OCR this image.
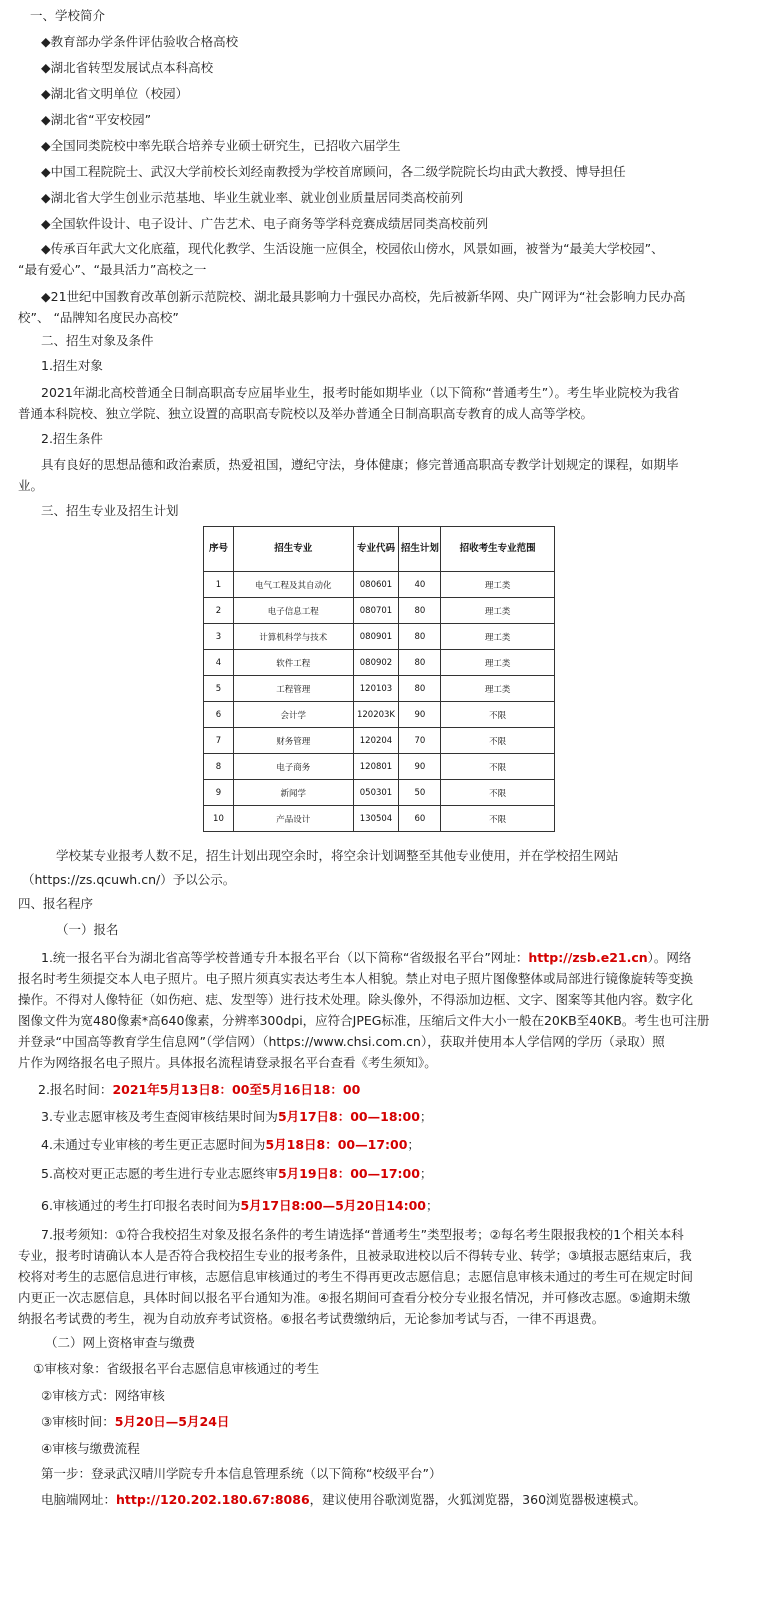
一、学校简介
◆教育部办学条件评估验收合格高校
◆湖北省转型发展试点本科高校
◆湖北省文明单位（校园）
◆湖北省“平安校园”
◆全国同类院校中率先联合培养专业硕士研究生，已招收六届学生
◆中国工程院院士、武汉大学前校长刘经南教授为学校首席顾问，各二级学院院长均由武大教授、博导担任
◆湖北省大学生创业示范基地、毕业生就业率、就业创业质量居同类高校前列
◆全国软件设计、电子设计、广告艺术、电子商务等学科竞赛成绩居同类高校前列
◆传承百年武大文化底蕴，现代化教学、生活设施一应俱全，校园依山傍水，风景如画，被誉为“最美大学校园”、
“最有爱心”、“最具活力”高校之一
◆21世纪中国教育改革创新示范院校、湖北最具影响力十强民办高校，先后被新华网、央广网评为“社会影响力民办高
校”、 “品牌知名度民办高校”
二、招生对象及条件
1.招生对象
2021年湖北高校普通全日制高职高专应届毕业生，报考时能如期毕业（以下简称“普通考生”）。考生毕业院校为我省
普通本科院校、独立学院、独立设置的高职高专院校以及举办普通全日制高职高专教育的成人高等学校。
2.招生条件
具有良好的思想品德和政治素质，热爱祖国，遵纪守法，身体健康；修完普通高职高专教学计划规定的课程，如期毕
业。
三、招生专业及招生计划
序号	招生专业	专业代码	招生计划	招收考生专业范围
1	电气工程及其自动化	080601	40	理工类
2	电子信息工程	080701	80	理工类
3	计算机科学与技术	080901	80	理工类
4	软件工程	080902	80	理工类
5	工程管理	120103	80	理工类
6	会计学	120203K	90	不限
7	财务管理	120204	70	不限
8	电子商务	120801	90	不限
9	新闻学	050301	50	不限
10	产品设计	130504	60	不限
学校某专业报考人数不足，招生计划出现空余时，将空余计划调整至其他专业使用，并在学校招生网站
（https://zs.qcuwh.cn/）予以公示。
四、报名程序
（一）报名
1.统一报名平台为湖北省高等学校普通专升本报名平台（以下简称“省级报名平台”网址：http://zsb.e21.cn）。网络
报名时考生须提交本人电子照片。电子照片须真实表达考生本人相貌。禁止对电子照片图像整体或局部进行镜像旋转等变换
操作。不得对人像特征（如伤疤、痣、发型等）进行技术处理。除头像外，不得添加边框、文字、图案等其他内容。数字化
图像文件为宽480像素*高640像素，分辨率300dpi，应符合JPEG标准，压缩后文件大小一般在20KB至40KB。考生也可注册
并登录“中国高等教育学生信息网”（学信网）（https://www.chsi.com.cn），获取并使用本人学信网的学历（录取）照
片作为网络报名电子照片。具体报名流程请登录报名平台查看《考生须知》。
2.报名时间：2021年5月13日8：00至5月16日18：00
3.专业志愿审核及考生查阅审核结果时间为5月17日8：00—18:00；
4.未通过专业审核的考生更正志愿时间为5月18日8：00—17:00；
5.高校对更正志愿的考生进行专业志愿终审5月19日8：00—17:00；
6.审核通过的考生打印报名表时间为5月17日8:00—5月20日14:00；
7.报考须知：①符合我校招生对象及报名条件的考生请选择“普通考生”类型报考；②每名考生限报我校的1个相关本科
专业，报考时请确认本人是否符合我校招生专业的报考条件，且被录取进校以后不得转专业、转学；③填报志愿结束后，我
校将对考生的志愿信息进行审核，志愿信息审核通过的考生不得再更改志愿信息；志愿信息审核未通过的考生可在规定时间
内更正一次志愿信息，具体时间以报名平台通知为准。④报名期间可查看分校分专业报名情况，并可修改志愿。⑤逾期未缴
纳报名考试费的考生，视为自动放弃考试资格。⑥报名考试费缴纳后，无论参加考试与否，一律不再退费。
（二）网上资格审查与缴费
①审核对象：省级报名平台志愿信息审核通过的考生
②审核方式：网络审核
③审核时间：5月20日—5月24日
④审核与缴费流程
第一步：登录武汉晴川学院专升本信息管理系统（以下简称“校级平台”）
电脑端网址：http://120.202.180.67:8086，建议使用谷歌浏览器，火狐浏览器，360浏览器极速模式。
